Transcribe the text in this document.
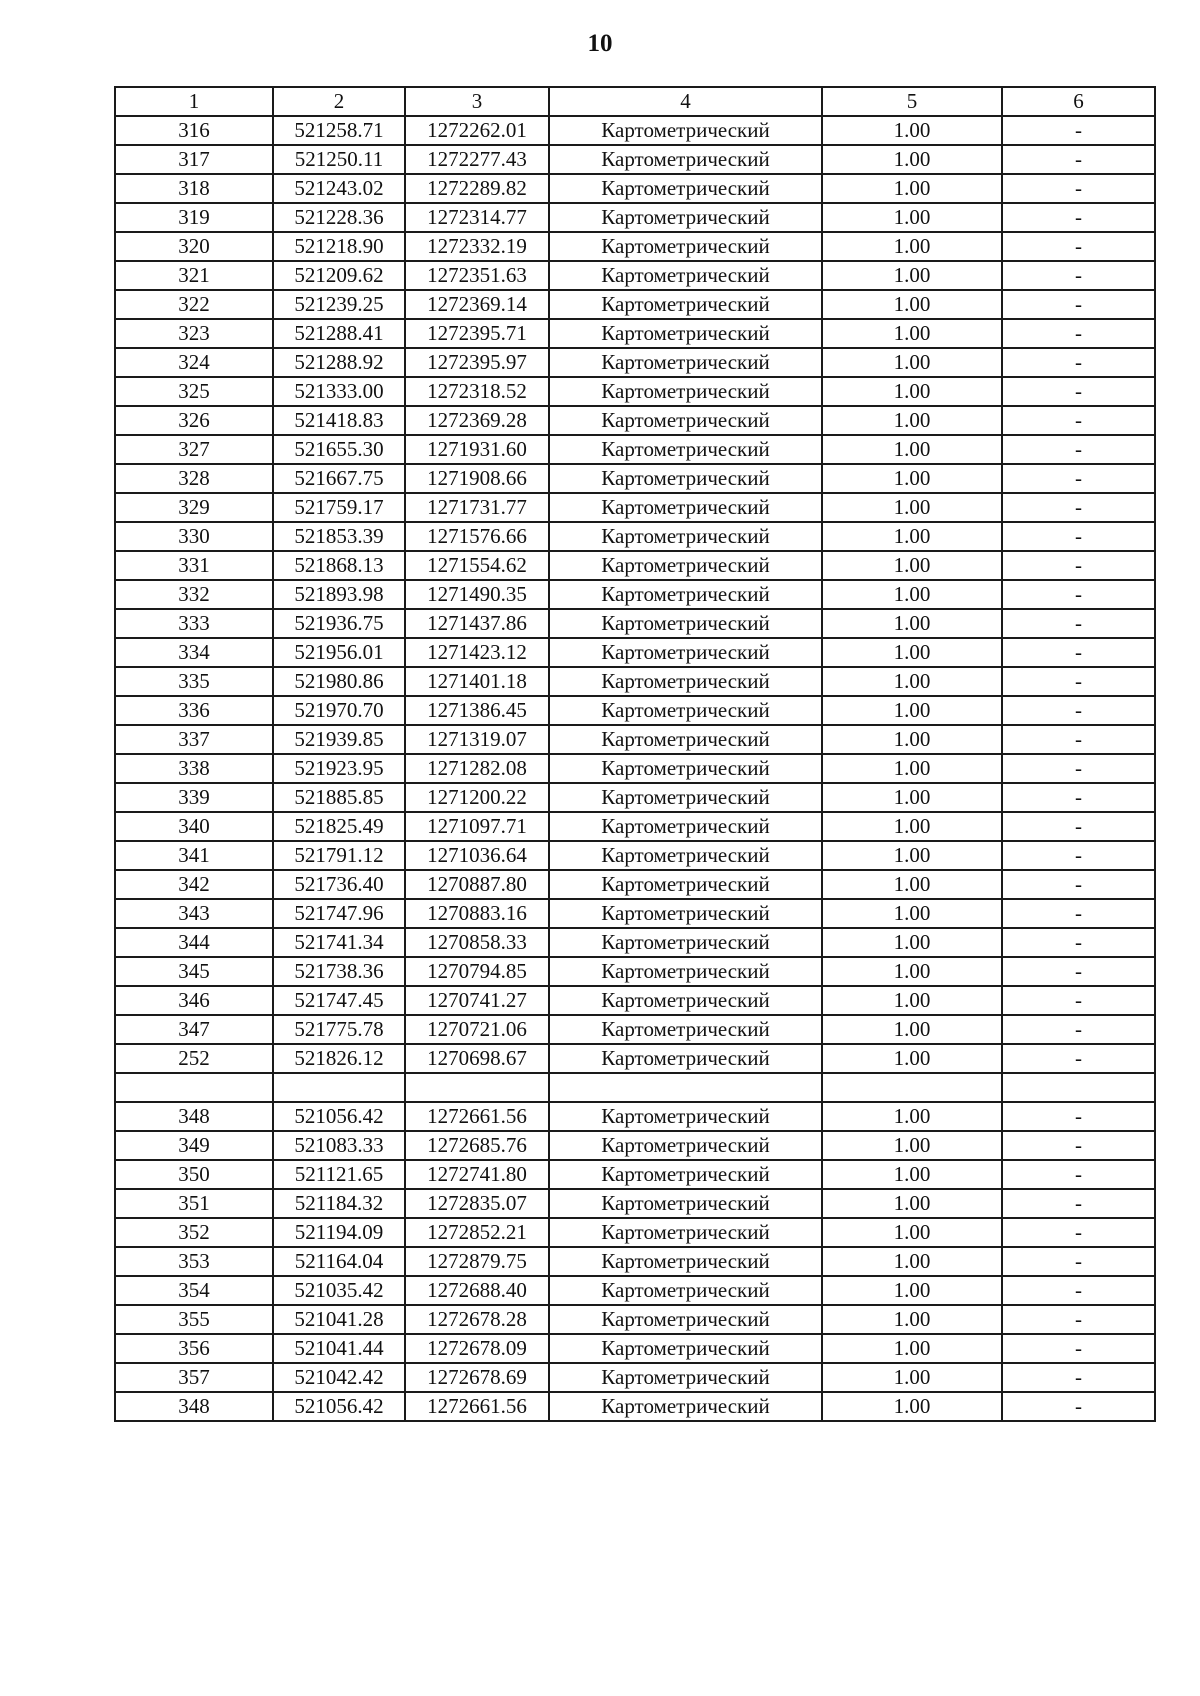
10
1	2	3	4	5	6
316	521258.71	1272262.01	Картометрический	1.00	-
317	521250.11	1272277.43	Картометрический	1.00	-
318	521243.02	1272289.82	Картометрический	1.00	-
319	521228.36	1272314.77	Картометрический	1.00	-
320	521218.90	1272332.19	Картометрический	1.00	-
321	521209.62	1272351.63	Картометрический	1.00	-
322	521239.25	1272369.14	Картометрический	1.00	-
323	521288.41	1272395.71	Картометрический	1.00	-
324	521288.92	1272395.97	Картометрический	1.00	-
325	521333.00	1272318.52	Картометрический	1.00	-
326	521418.83	1272369.28	Картометрический	1.00	-
327	521655.30	1271931.60	Картометрический	1.00	-
328	521667.75	1271908.66	Картометрический	1.00	-
329	521759.17	1271731.77	Картометрический	1.00	-
330	521853.39	1271576.66	Картометрический	1.00	-
331	521868.13	1271554.62	Картометрический	1.00	-
332	521893.98	1271490.35	Картометрический	1.00	-
333	521936.75	1271437.86	Картометрический	1.00	-
334	521956.01	1271423.12	Картометрический	1.00	-
335	521980.86	1271401.18	Картометрический	1.00	-
336	521970.70	1271386.45	Картометрический	1.00	-
337	521939.85	1271319.07	Картометрический	1.00	-
338	521923.95	1271282.08	Картометрический	1.00	-
339	521885.85	1271200.22	Картометрический	1.00	-
340	521825.49	1271097.71	Картометрический	1.00	-
341	521791.12	1271036.64	Картометрический	1.00	-
342	521736.40	1270887.80	Картометрический	1.00	-
343	521747.96	1270883.16	Картометрический	1.00	-
344	521741.34	1270858.33	Картометрический	1.00	-
345	521738.36	1270794.85	Картометрический	1.00	-
346	521747.45	1270741.27	Картометрический	1.00	-
347	521775.78	1270721.06	Картометрический	1.00	-
252	521826.12	1270698.67	Картометрический	1.00	-

348	521056.42	1272661.56	Картометрический	1.00	-
349	521083.33	1272685.76	Картометрический	1.00	-
350	521121.65	1272741.80	Картометрический	1.00	-
351	521184.32	1272835.07	Картометрический	1.00	-
352	521194.09	1272852.21	Картометрический	1.00	-
353	521164.04	1272879.75	Картометрический	1.00	-
354	521035.42	1272688.40	Картометрический	1.00	-
355	521041.28	1272678.28	Картометрический	1.00	-
356	521041.44	1272678.09	Картометрический	1.00	-
357	521042.42	1272678.69	Картометрический	1.00	-
348	521056.42	1272661.56	Картометрический	1.00	-
